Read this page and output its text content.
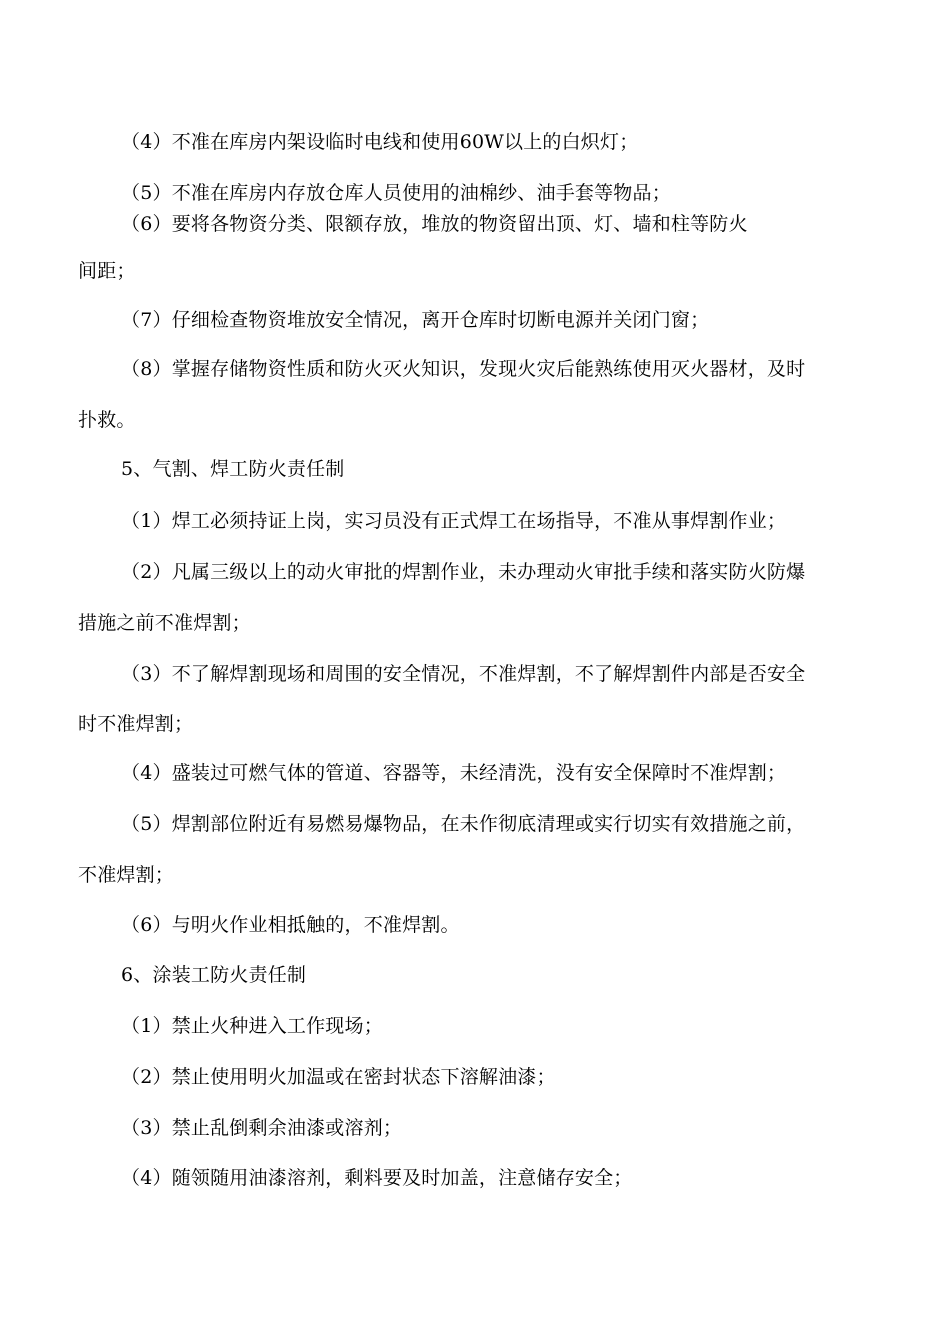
（4）不准在库房内架设临时电线和使用60W以上的白炽灯；
（5）不准在库房内存放仓库人员使用的油棉纱、油手套等物品；
（6）要将各物资分类、限额存放，堆放的物资留出顶、灯、墙和柱等防火
间距；
（7）仔细检查物资堆放安全情况，离开仓库时切断电源并关闭门窗；
（8）掌握存储物资性质和防火灭火知识，发现火灾后能熟练使用灭火器材，及时
扑救。
5、气割、焊工防火责任制
（1）焊工必须持证上岗，实习员没有正式焊工在场指导，不准从事焊割作业；
（2）凡属三级以上的动火审批的焊割作业，未办理动火审批手续和落实防火防爆
措施之前不准焊割；
（3）不了解焊割现场和周围的安全情况，不准焊割，不了解焊割件内部是否安全
时不准焊割；
（4）盛装过可燃气体的管道、容器等，未经清洗，没有安全保障时不准焊割；
（5）焊割部位附近有易燃易爆物品，在未作彻底清理或实行切实有效措施之前，
不准焊割；
（6）与明火作业相抵触的，不准焊割。
6、涂装工防火责任制
（1）禁止火种进入工作现场；
（2）禁止使用明火加温或在密封状态下溶解油漆；
（3）禁止乱倒剩余油漆或溶剂；
（4）随领随用油漆溶剂，剩料要及时加盖，注意储存安全；
